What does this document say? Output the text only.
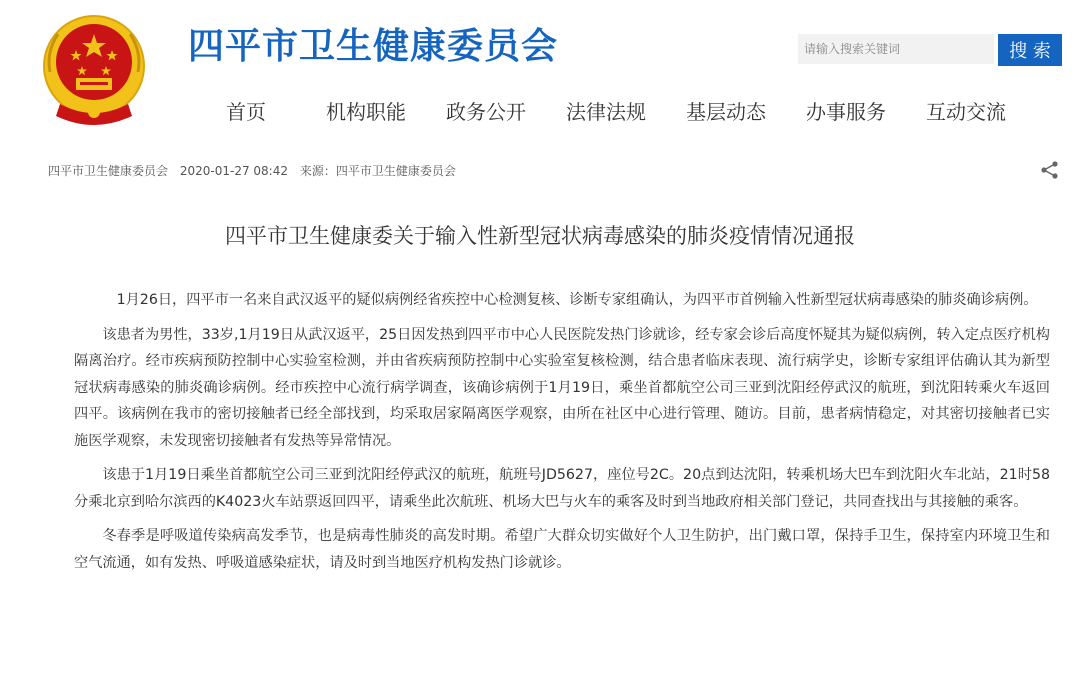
四平市卫生健康委员会
请输入搜索关键词	搜 索
首页	机构职能 政务公开 法律法规 基层动态 办事服务 互动交流
四平市卫生健康委员会 2020-01-27 08:42 来源：四平市卫生健康委员会
四平市卫生健康委关于输入性新型冠状病毒感染的肺炎疫情情况通报

1月26日，四平市一名来自武汉返平的疑似病例经省疾控中心检测复核、诊断专家组确认，为四平市首例输入性新型冠状病毒感染的肺炎确诊病例。

该患者为男性，33岁,1月19日从武汉返平，25日因发热到四平市中心人民医院发热门诊就诊，经专家会诊后高度怀疑其为疑似病例，转入定点医疗机构隔离治疗。经市疾病预防控制中心实验室检测，并由省疾病预防控制中心实验室复核检测，结合患者临床表现、流行病学史，诊断专家组评估确认其为新型冠状病毒感染的肺炎确诊病例。经市疾控中心流行病学调查，该确诊病例于1月19日，乘坐首都航空公司三亚到沈阳经停武汉的航班，到沈阳转乘火车返回四平。该病例在我市的密切接触者已经全部找到，均采取居家隔离医学观察，由所在社区中心进行管理、随访。目前，患者病情稳定，对其密切接触者已实施医学观察，未发现密切接触者有发热等异常情况。

该患于1月19日乘坐首都航空公司三亚到沈阳经停武汉的航班，航班号JD5627，座位号2C。20点到达沈阳，转乘机场大巴车到沈阳火车北站，21时58分乘北京到哈尔滨西的K4023火车站票返回四平，请乘坐此次航班、机场大巴与火车的乘客及时到当地政府相关部门登记，共同查找出与其接触的乘客。

冬春季是呼吸道传染病高发季节，也是病毒性肺炎的高发时期。希望广大群众切实做好个人卫生防护，出门戴口罩，保持手卫生，保持室内环境卫生和空气流通，如有发热、呼吸道感染症状，请及时到当地医疗机构发热门诊就诊。
